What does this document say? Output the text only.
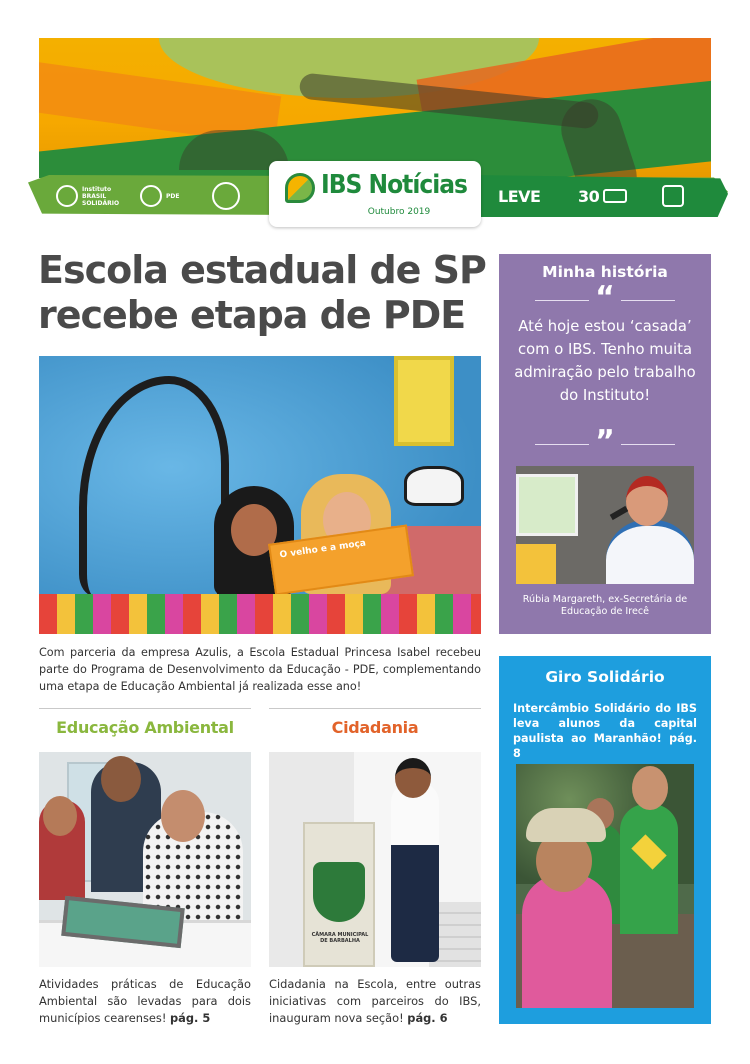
Instituto
BRASIL
SOLIDÁRIO
PDE	LEVE 30
IBS Notícias
Outubro 2019
Escola estadual de SP recebe etapa de PDE
O velho e a moça

Com parceria da empresa Azulis, a Escola Estadual Princesa Isabel recebeu parte do Programa de Desenvolvimento da Educação - PDE, complementando uma etapa de Educação Ambiental já realizada esse ano!

Educação Ambiental

Atividades práticas de Educação Ambiental são levadas para dois municípios cearenses! pág. 5

Cidadania
CÂMARA MUNICIPAL DE BARBALHA

Cidadania na Escola, entre outras iniciativas com parceiros do IBS, inauguram nova seção! pág. 6

Minha história
“

Até hoje estou ‘casada’ com o IBS. Tenho muita admiração pelo trabalho do Instituto!

”

Rúbia Margareth, ex-Secretária de Educação de Irecê

Giro Solidário

Intercâmbio Solidário do IBS leva alunos da capital paulista ao Maranhão! pág. 8
